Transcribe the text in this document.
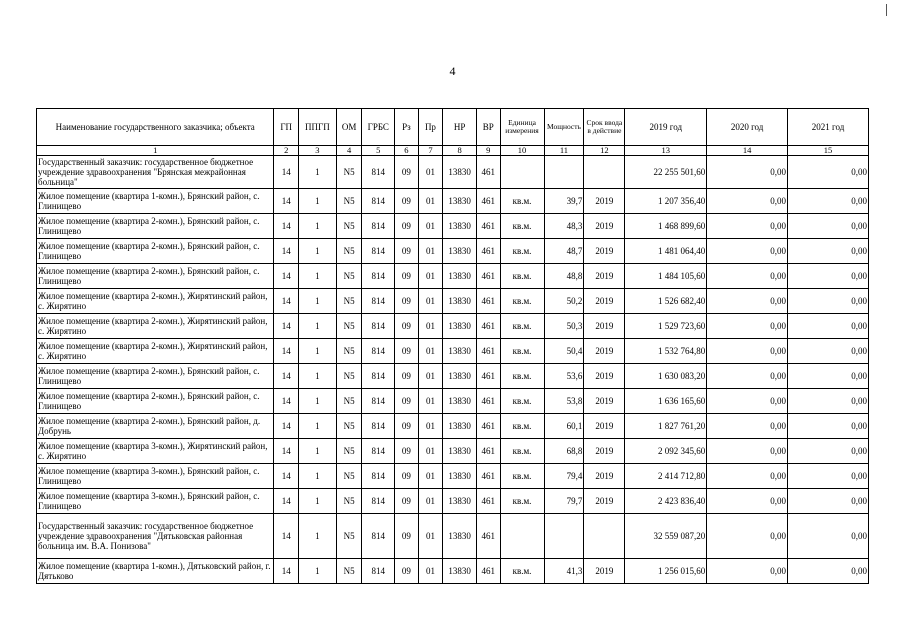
4
Наименование государственного заказчика; объекта	ГП	ППГП	ОМ	ГРБС	Рз	Пр	НР	ВР	Единица измерения	Мощность	Срок ввода в действие	2019 год	2020 год	2021 год
1	2	3	4	5	6	7	8	9	10	11	12	13	14	15
Государственный заказчик: государственное бюджетное учреждение здравоохранения "Брянская межрайонная больница"	14	1	N5	814	09	01	13830	461				22 255 501,60	0,00	0,00
Жилое помещение (квартира 1-комн.), Брянский район, с. Глинищево	14	1	N5	814	09	01	13830	461	кв.м.	39,7	2019	1 207 356,40	0,00	0,00
Жилое помещение (квартира 2-комн.), Брянский район, с. Глинищево	14	1	N5	814	09	01	13830	461	кв.м.	48,3	2019	1 468 899,60	0,00	0,00
Жилое помещение (квартира 2-комн.), Брянский район, с. Глинищево	14	1	N5	814	09	01	13830	461	кв.м.	48,7	2019	1 481 064,40	0,00	0,00
Жилое помещение (квартира 2-комн.), Брянский район, с. Глинищево	14	1	N5	814	09	01	13830	461	кв.м.	48,8	2019	1 484 105,60	0,00	0,00
Жилое помещение (квартира 2-комн.), Жирятинский район, с. Жирятино	14	1	N5	814	09	01	13830	461	кв.м.	50,2	2019	1 526 682,40	0,00	0,00
Жилое помещение (квартира 2-комн.), Жирятинский район, с. Жирятино	14	1	N5	814	09	01	13830	461	кв.м.	50,3	2019	1 529 723,60	0,00	0,00
Жилое помещение (квартира 2-комн.), Жирятинский район, с. Жирятино	14	1	N5	814	09	01	13830	461	кв.м.	50,4	2019	1 532 764,80	0,00	0,00
Жилое помещение (квартира 2-комн.), Брянский район, с. Глинищево	14	1	N5	814	09	01	13830	461	кв.м.	53,6	2019	1 630 083,20	0,00	0,00
Жилое помещение (квартира 2-комн.), Брянский район, с. Глинищево	14	1	N5	814	09	01	13830	461	кв.м.	53,8	2019	1 636 165,60	0,00	0,00
Жилое помещение (квартира 2-комн.), Брянский район, д. Добрунь	14	1	N5	814	09	01	13830	461	кв.м.	60,1	2019	1 827 761,20	0,00	0,00
Жилое помещение (квартира 3-комн.), Жирятинский район, с. Жирятино	14	1	N5	814	09	01	13830	461	кв.м.	68,8	2019	2 092 345,60	0,00	0,00
Жилое помещение (квартира 3-комн.), Брянский район, с. Глинищево	14	1	N5	814	09	01	13830	461	кв.м.	79,4	2019	2 414 712,80	0,00	0,00
Жилое помещение (квартира 3-комн.), Брянский район, с. Глинищево	14	1	N5	814	09	01	13830	461	кв.м.	79,7	2019	2 423 836,40	0,00	0,00
Государственный заказчик: государственное бюджетное учреждение здравоохранения "Дятьковская районная больница им. В.А. Понизова"	14	1	N5	814	09	01	13830	461				32 559 087,20	0,00	0,00
Жилое помещение (квартира 1-комн.), Дятьковский район, г. Дятьково	14	1	N5	814	09	01	13830	461	кв.м.	41,3	2019	1 256 015,60	0,00	0,00
